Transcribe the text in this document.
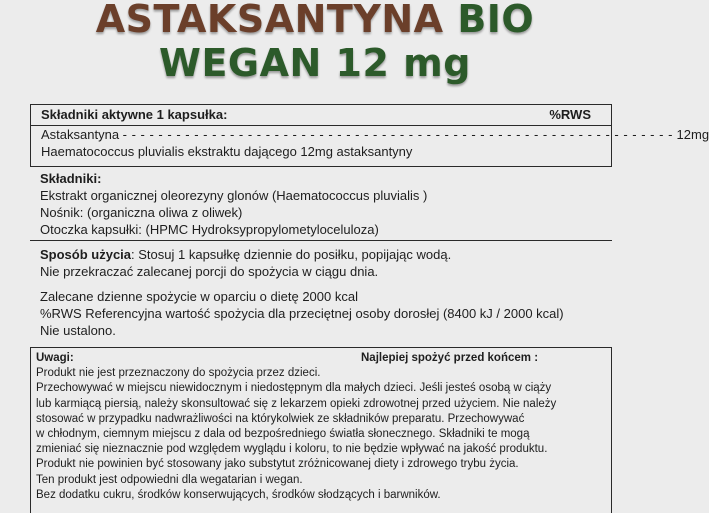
ASTAKSANTYNA BIO
WEGAN 12 mg
Składniki aktywne 1 kapsułka:	%RWS
Astaksantyna - - - - - - - - - - - - - - - - - - - - - - - - - - - - - - - - - - - - - - - - - - - - - - - - - - - - - - - - - - - - - - 12mg
Haematococcus pluvialis ekstraktu dającego 12mg astaksantyny
Składniki:
Ekstrakt organicznej oleorezyny glonów (Haematococcus pluvialis )
Nośnik: (organiczna oliwa z oliwek)
Otoczka kapsułki: (HPMC Hydroksypropylometyloceluloza)
Sposób użycia: Stosuj 1 kapsułkę dziennie do posiłku, popijając wodą.
Nie przekraczać zalecanej porcji do spożycia w ciągu dnia.
Zalecane dzienne spożycie w oparciu o dietę 2000 kcal
%RWS Referencyjna wartość spożycia dla przeciętnej osoby dorosłej (8400 kJ / 2000 kcal)
Nie ustalono.
Uwagi:
Produkt nie jest przeznaczony do spożycia przez dzieci.
Przechowywać w miejscu niewidocznym i niedostępnym dla małych dzieci. Jeśli jesteś osobą w ciąży
lub karmiącą piersią, należy skonsultować się z lekarzem opieki zdrowotnej przed użyciem. Nie należy
stosować w przypadku nadwrażliwości na którykolwiek ze składników preparatu. Przechowywać
w chłodnym, ciemnym miejscu z dala od bezpośredniego światła słonecznego. Składniki te mogą
zmieniać się nieznacznie pod względem wyglądu i koloru, to nie będzie wpływać na jakość produktu.
Produkt nie powinien być stosowany jako substytut zróżnicowanej diety i zdrowego trybu życia.
Ten produkt jest odpowiedni dla wegatarian i wegan.
Bez dodatku cukru, środków konserwujących, środków słodzących i barwników.
Najlepiej spożyć przed końcem :
